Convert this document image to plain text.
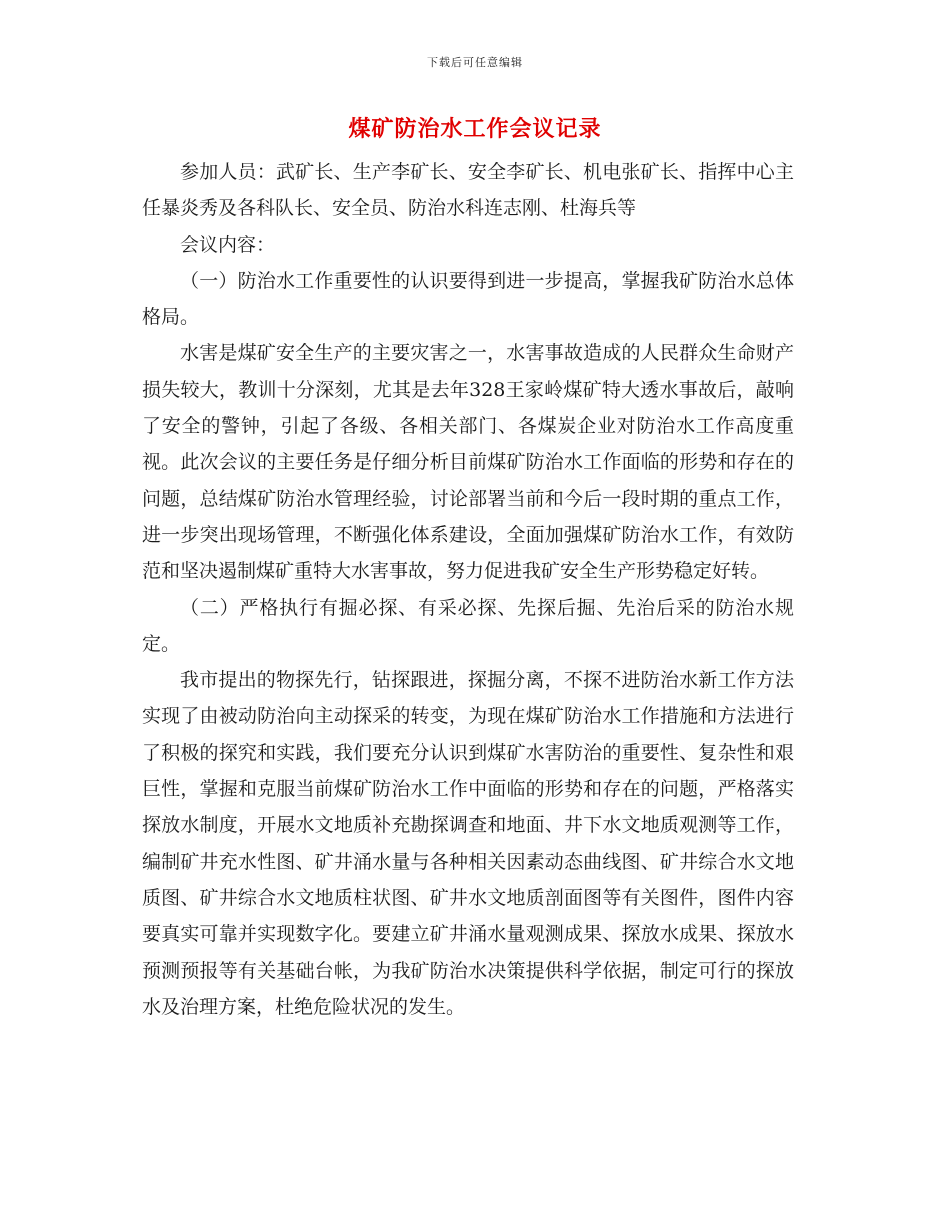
下载后可任意编辑
煤矿防治水工作会议记录

参加人员：武矿长、生产李矿长、安全李矿长、机电张矿长、指挥中心主任暴炎秀及各科队长、安全员、防治水科连志刚、杜海兵等

会议内容：

（一）防治水工作重要性的认识要得到进一步提高，掌握我矿防治水总体格局。

水害是煤矿安全生产的主要灾害之一，水害事故造成的人民群众生命财产损失较大，教训十分深刻，尤其是去年328王家岭煤矿特大透水事故后，敲响了安全的警钟，引起了各级、各相关部门、各煤炭企业对防治水工作高度重视。此次会议的主要任务是仔细分析目前煤矿防治水工作面临的形势和存在的问题，总结煤矿防治水管理经验，讨论部署当前和今后一段时期的重点工作，进一步突出现场管理，不断强化体系建设，全面加强煤矿防治水工作，有效防范和坚决遏制煤矿重特大水害事故，努力促进我矿安全生产形势稳定好转。

（二）严格执行有掘必探、有采必探、先探后掘、先治后采的防治水规定。

我市提出的物探先行，钻探跟进，探掘分离，不探不进防治水新工作方法实现了由被动防治向主动探采的转变，为现在煤矿防治水工作措施和方法进行了积极的探究和实践，我们要充分认识到煤矿水害防治的重要性、复杂性和艰巨性，掌握和克服当前煤矿防治水工作中面临的形势和存在的问题，严格落实探放水制度，开展水文地质补充勘探调查和地面、井下水文地质观测等工作，编制矿井充水性图、矿井涌水量与各种相关因素动态曲线图、矿井综合水文地质图、矿井综合水文地质柱状图、矿井水文地质剖面图等有关图件，图件内容要真实可靠并实现数字化。要建立矿井涌水量观测成果、探放水成果、探放水预测预报等有关基础台帐，为我矿防治水决策提供科学依据，制定可行的探放水及治理方案，杜绝危险状况的发生。
